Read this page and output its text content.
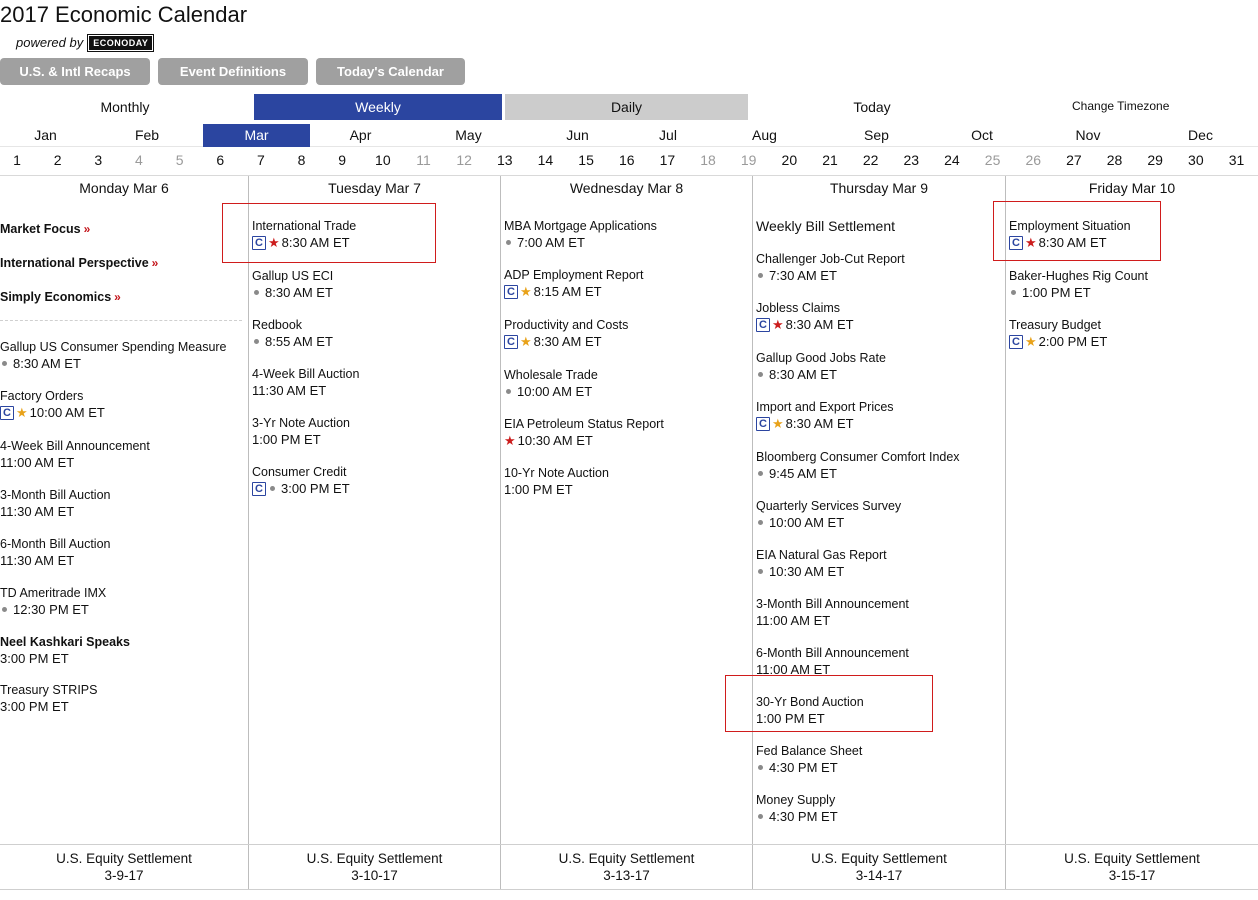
2017 Economic Calendar
powered by	ECONODAY
U.S. & Intl Recaps	Event Definitions	Today's Calendar
Monthly	Weekly	Daily	Today	Change Timezone
Jan	Feb	Mar	Apr	May	Jun	Jul	Aug	Sep	Oct	Nov	Dec
1	2	3	4	5	6	7	8	9	10	11	12	13	14	15	16	17	18	19	20	21	22	23	24	25	26	27	28	29	30	31
Monday Mar 6
Market Focus »
International Perspective »
Simply Economics »
Gallup US Consumer Spending Measure
8:30 AM ET
Factory Orders
C ★ 10:00 AM ET
4-Week Bill Announcement
11:00 AM ET
3-Month Bill Auction
11:30 AM ET
6-Month Bill Auction
11:30 AM ET
TD Ameritrade IMX
12:30 PM ET
Neel Kashkari Speaks
3:00 PM ET
Treasury STRIPS
3:00 PM ET
Tuesday Mar 7
International Trade
C ★ 8:30 AM ET
Gallup US ECI
8:30 AM ET
Redbook
8:55 AM ET
4-Week Bill Auction
11:30 AM ET
3-Yr Note Auction
1:00 PM ET
Consumer Credit
C 3:00 PM ET
Wednesday Mar 8
MBA Mortgage Applications
7:00 AM ET
ADP Employment Report
C ★ 8:15 AM ET
Productivity and Costs
C ★ 8:30 AM ET
Wholesale Trade
10:00 AM ET
EIA Petroleum Status Report
★ 10:30 AM ET
10-Yr Note Auction
1:00 PM ET
Thursday Mar 9
Weekly Bill Settlement
Challenger Job-Cut Report
7:30 AM ET
Jobless Claims
C ★ 8:30 AM ET
Gallup Good Jobs Rate
8:30 AM ET
Import and Export Prices
C ★ 8:30 AM ET
Bloomberg Consumer Comfort Index
9:45 AM ET
Quarterly Services Survey
10:00 AM ET
EIA Natural Gas Report
10:30 AM ET
3-Month Bill Announcement
11:00 AM ET
6-Month Bill Announcement
11:00 AM ET
30-Yr Bond Auction
1:00 PM ET
Fed Balance Sheet
4:30 PM ET
Money Supply
4:30 PM ET
Friday Mar 10
Employment Situation
C ★ 8:30 AM ET
Baker-Hughes Rig Count
1:00 PM ET
Treasury Budget
C ★ 2:00 PM ET
U.S. Equity Settlement
3-9-17
U.S. Equity Settlement
3-10-17
U.S. Equity Settlement
3-13-17
U.S. Equity Settlement
3-14-17
U.S. Equity Settlement
3-15-17
